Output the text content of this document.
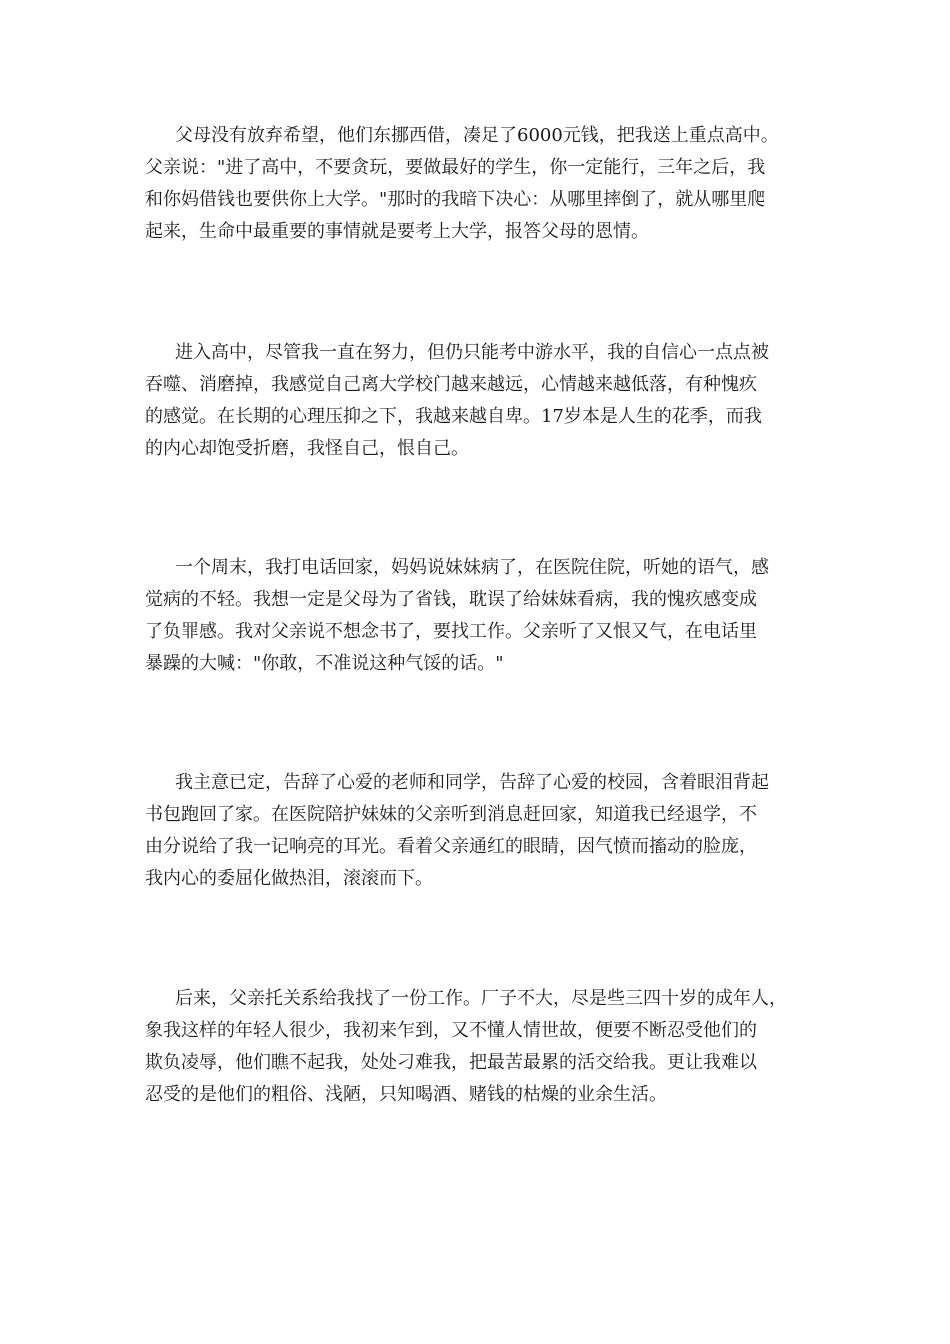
父母没有放弃希望，他们东挪西借，凑足了6000元钱，把我送上重点高中。
父亲说："进了高中，不要贪玩，要做最好的学生，你一定能行，三年之后，我
和你妈借钱也要供你上大学。"那时的我暗下决心：从哪里摔倒了，就从哪里爬
起来，生命中最重要的事情就是要考上大学，报答父母的恩情。
进入高中，尽管我一直在努力，但仍只能考中游水平，我的自信心一点点被
吞噬、消磨掉，我感觉自己离大学校门越来越远，心情越来越低落，有种愧疚
的感觉。在长期的心理压抑之下，我越来越自卑。17岁本是人生的花季，而我
的内心却饱受折磨，我怪自己，恨自己。
一个周末，我打电话回家，妈妈说妹妹病了，在医院住院，听她的语气，感
觉病的不轻。我想一定是父母为了省钱，耽误了给妹妹看病，我的愧疚感变成
了负罪感。我对父亲说不想念书了，要找工作。父亲听了又恨又气，在电话里
暴躁的大喊："你敢，不准说这种气馁的话。"
我主意已定，告辞了心爱的老师和同学，告辞了心爱的校园，含着眼泪背起
书包跑回了家。在医院陪护妹妹的父亲听到消息赶回家，知道我已经退学，不
由分说给了我一记响亮的耳光。看着父亲通红的眼睛，因气愤而搐动的脸庞，
我内心的委屈化做热泪，滚滚而下。
后来，父亲托关系给我找了一份工作。厂子不大，尽是些三四十岁的成年人，
象我这样的年轻人很少，我初来乍到，又不懂人情世故，便要不断忍受他们的
欺负凌辱，他们瞧不起我，处处刁难我，把最苦最累的活交给我。更让我难以
忍受的是他们的粗俗、浅陋，只知喝酒、赌钱的枯燥的业余生活。
